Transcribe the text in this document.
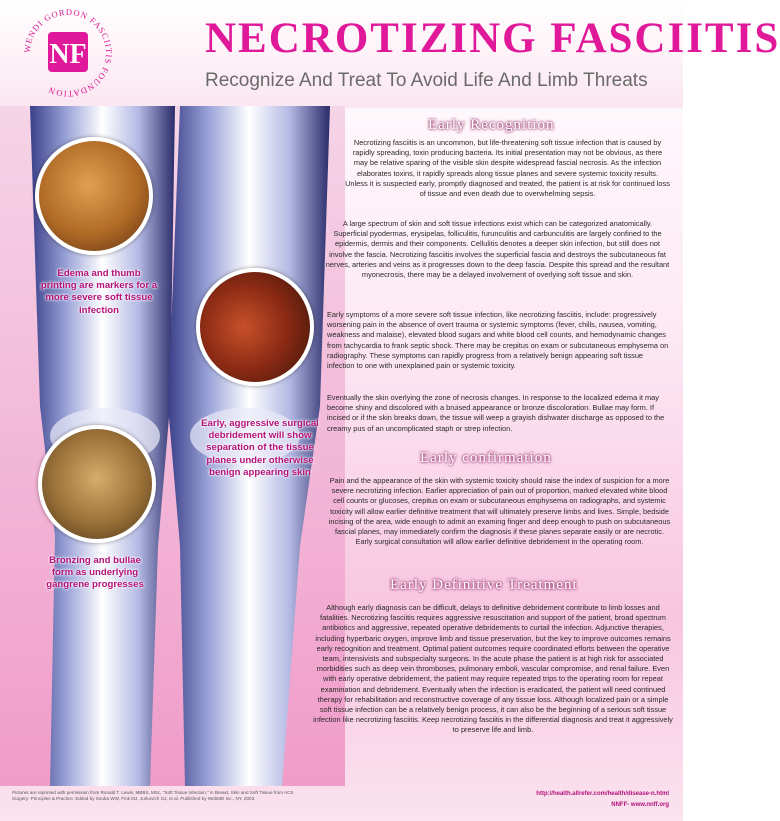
WENDI GORDON FASCIITIS FOUNDATION
NF	NECROTIZING FASCIITIS
Recognize And Treat To Avoid Life And Limb Threats
Edema and thumb printing are markers for a more severe soft tissue infection
Early, aggressive surgical debridement will show separation of the tissue planes under otherwise benign appearing skin
Bronzing and bullae form as underlying gangrene progresses
Early Recognition
Necrotizing fasciitis is an uncommon, but life-threatening soft tissue infection that is caused by rapidly spreading, toxin producing bacteria. Its initial presentation may not be obvious, as there may be relative sparing of the visible skin despite widespread fascial necrosis. As the infection elaborates toxins, it rapidly spreads along tissue planes and severe systemic toxicity results. Unless it is suspected early, promptly diagnosed and treated, the patient is at risk for continued loss of tissue and even death due to overwhelming sepsis.
A large spectrum of skin and soft tissue infections exist which can be categorized anatomically. Superficial pyodermas, erysipelas, folliculitis, furunculitis and carbunculitis are largely confined to the epidermis, dermis and their components. Cellulitis denotes a deeper skin infection, but still does not involve the fascia. Necrotizing fasciitis involves the superficial fascia and destroys the subcutaneous fat nerves, arteries and veins as it progresses down to the deep fascia. Despite this spread and the resultant myonecrosis, there may be a delayed involvement of overlying soft tissue and skin.
Early symptoms of a more severe soft tissue infection, like necrotizing fasciitis, include: progressively worsening pain in the absence of overt trauma or systemic symptoms (fever, chills, nausea, vomiting, weakness and malaise), elevated blood sugars and white blood cell counts, and hemodynamic changes from tachycardia to frank septic shock. There may be crepitus on exam or subcutaneous emphysema on radiography. These symptoms can rapidly progress from a relatively benign appearing soft tissue infection to one with unexplained pain or systemic toxicity.
Eventually the skin overlying the zone of necrosis changes. In response to the localized edema it may become shiny and discolored with a bruised appearance or bronze discoloration. Bullae may form. If incised or if the skin breaks down, the tissue will weep a grayish dishwater discharge as opposed to the creamy pus of an uncomplicated staph or strep infection.
Early confirmation
Pain and the appearance of the skin with systemic toxicity should raise the index of suspicion for a more severe necrotizing infection. Earlier appreciation of pain out of proportion, marked elevated white blood cell counts or glucoses, crepitus on exam or subcutaneous emphysema on radiographs, and systemic toxicity will allow earlier definitive treatment that will ultimately preserve limbs and lives. Simple, bedside incising of the area, wide enough to admit an examing finger and deep enough to push on subcutaneous fascial planes, may immediately confirm the diagnosis if these planes separate easily or are necrotic. Early surgical consultation will allow earlier definitive debridement in the operating room.
Early Definitive Treatment
Although early diagnosis can be difficult, delays to definitive debridement contribute to limb losses and fatalities. Necrotizing fasciitis requires aggressive resuscitation and support of the patient, broad spectrum antibiotics and aggressive, repeated operative debridements to curtail the infection. Adjunctive therapies, including hyperbaric oxygen, improve limb and tissue preservation, but the key to improve outcomes remains early recognition and treatment. Optimal patient outcomes require coordinated efforts between the operative team, intensivists and subspecialty surgeons. In the acute phase the patient is at high risk for associated morbidities such as deep vein thromboses, pulmonary emboli, vascular compromise, and renal failure. Even with early operative debridement, the patient may require repeated trips to the operating room for repeat examination and debridement. Eventually when the infection is eradicated, the patient will need continued therapy for rehabilitation and reconstructive coverage of any tissue loss. Although localized pain or a simple soft tissue infection can be a relatively benign process, it can also be the beginning of a serious soft tissue infection like necrotizing fasciitis. Keep necrotizing fasciitis in the differential diagnosis and treat it aggressively to preserve life and limb.
Pictures are reprinted with permission from Ronald T. Lewis, MBBS, MSc, "Soft Tissue Infection," in Breast, Skin and Soft Tissue from ACS Surgery: Principles & Practice. Edited by Souba WW, Fink MJ, Jurkovich GJ, et al. Published by WebMD Inc., NY, 2003.
http://health.allrefer.com/health/disease-n.html
NNFF- www.nnff.org
